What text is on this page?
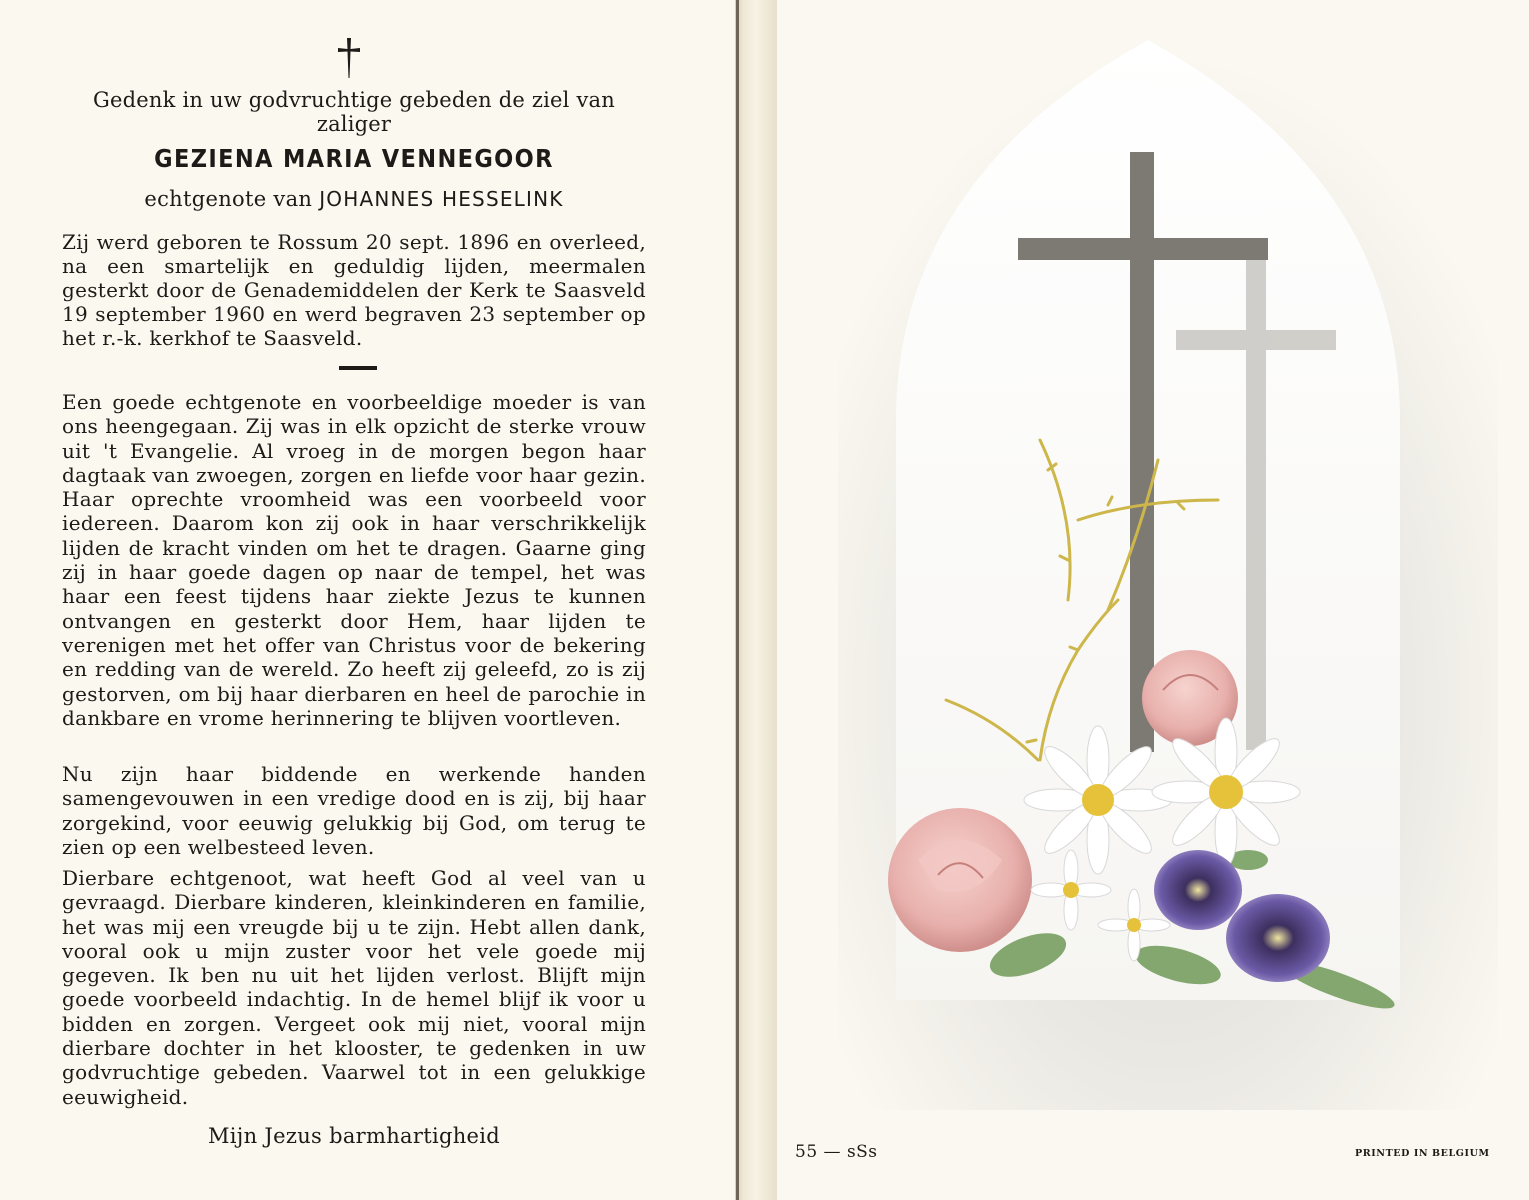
Gedenk in uw godvruchtige gebeden de ziel van
zaliger
GEZIENA MARIA VENNEGOOR
echtgenote van JOHANNES HESSELINK
Zij werd geboren te Rossum 20 sept. 1896 en overleed, na een smartelijk en geduldig lijden, meermalen gesterkt door de Genademiddelen der Kerk te Saasveld 19 september 1960 en werd begraven 23 september op het r.-k. kerkhof te Saasveld.
Een goede echtgenote en voorbeeldige moeder is van ons heengegaan. Zij was in elk opzicht de sterke vrouw uit 't Evangelie. Al vroeg in de morgen begon haar dagtaak van zwoegen, zorgen en liefde voor haar gezin. Haar oprechte vroomheid was een voorbeeld voor iedereen. Daarom kon zij ook in haar verschrikkelijk lijden de kracht vinden om het te dragen. Gaarne ging zij in haar goede dagen op naar de tempel, het was haar een feest tijdens haar ziekte Jezus te kunnen ontvangen en gesterkt door Hem, haar lijden te verenigen met het offer van Christus voor de bekering en redding van de wereld. Zo heeft zij geleefd, zo is zij gestorven, om bij haar dierbaren en heel de parochie in dankbare en vrome herinnering te blijven voortleven.
Nu zijn haar biddende en werkende handen samengevouwen in een vredige dood en is zij, bij haar zorgekind, voor eeuwig gelukkig bij God, om terug te zien op een welbesteed leven.
Dierbare echtgenoot, wat heeft God al veel van u gevraagd. Dierbare kinderen, kleinkinderen en familie, het was mij een vreugde bij u te zijn. Hebt allen dank, vooral ook u mijn zuster voor het vele goede mij gegeven. Ik ben nu uit het lijden verlost. Blijft mijn goede voorbeeld indachtig. In de hemel blijf ik voor u bidden en zorgen. Vergeet ook mij niet, vooral mijn dierbare dochter in het klooster, te gedenken in uw godvruchtige gebeden. Vaarwel tot in een gelukkige eeuwigheid.
Mijn Jezus barmhartigheid
55 — sSs	PRINTED IN BELGIUM
